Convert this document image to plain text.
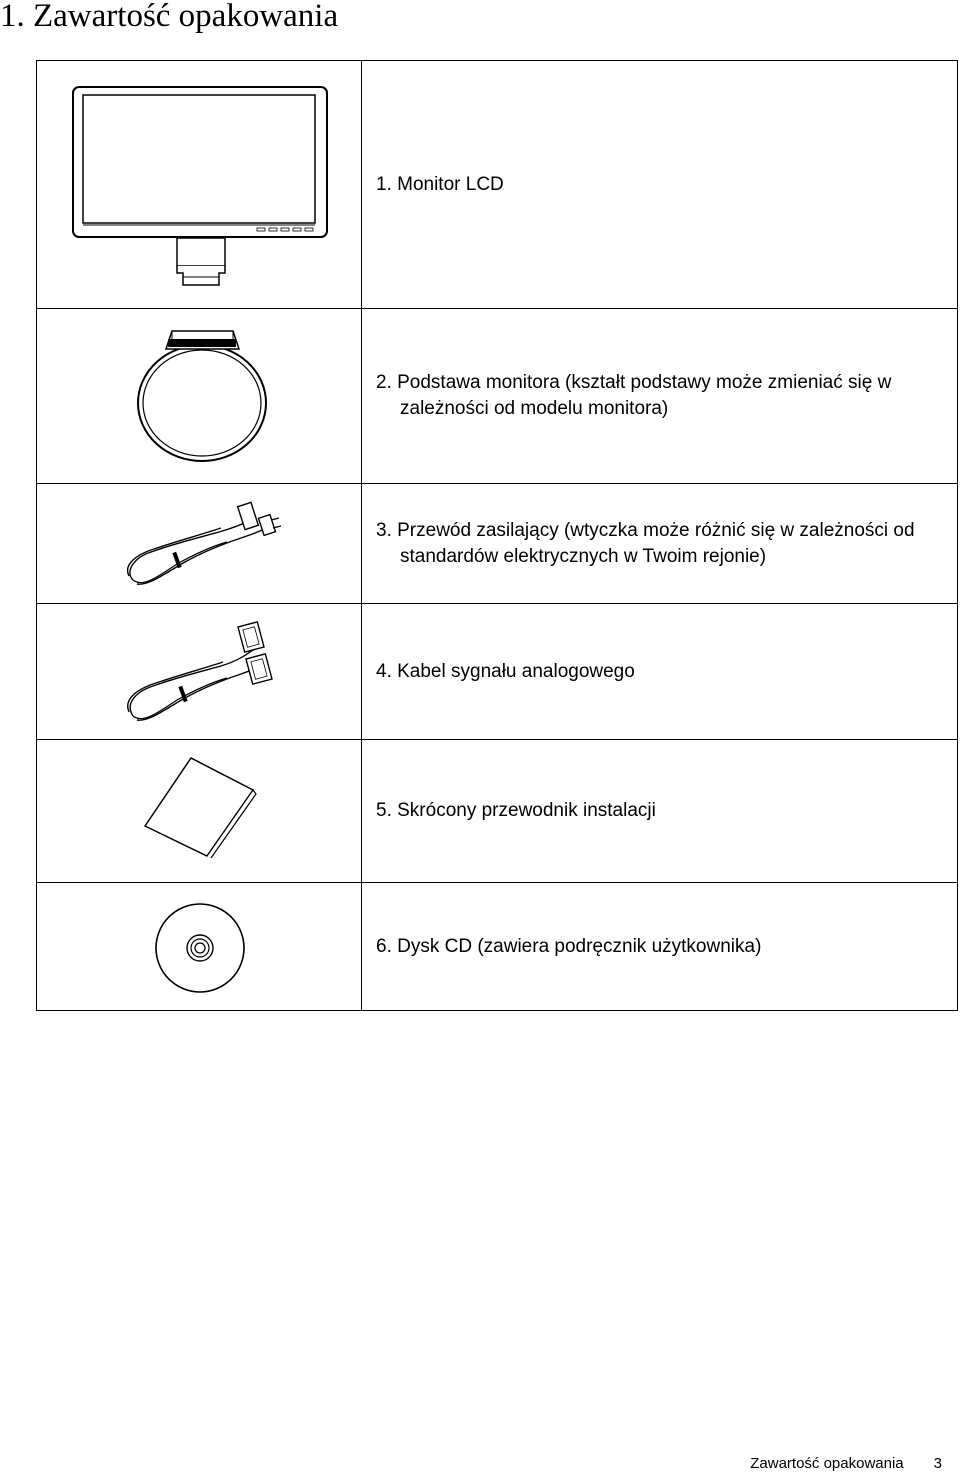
1. Zawartość opakowania

1. Monitor LCD

2. Podstawa monitora (kształt podstawy może zmieniać się w zależności od modelu monitora)

3. Przewód zasilający (wtyczka może różnić się w zależności od standardów elektrycznych w Twoim rejonie)

4. Kabel sygnału analogowego

5. Skrócony przewodnik instalacji

6. Dysk CD (zawiera podręcznik użytkownika)
Zawartość opakowania 3
